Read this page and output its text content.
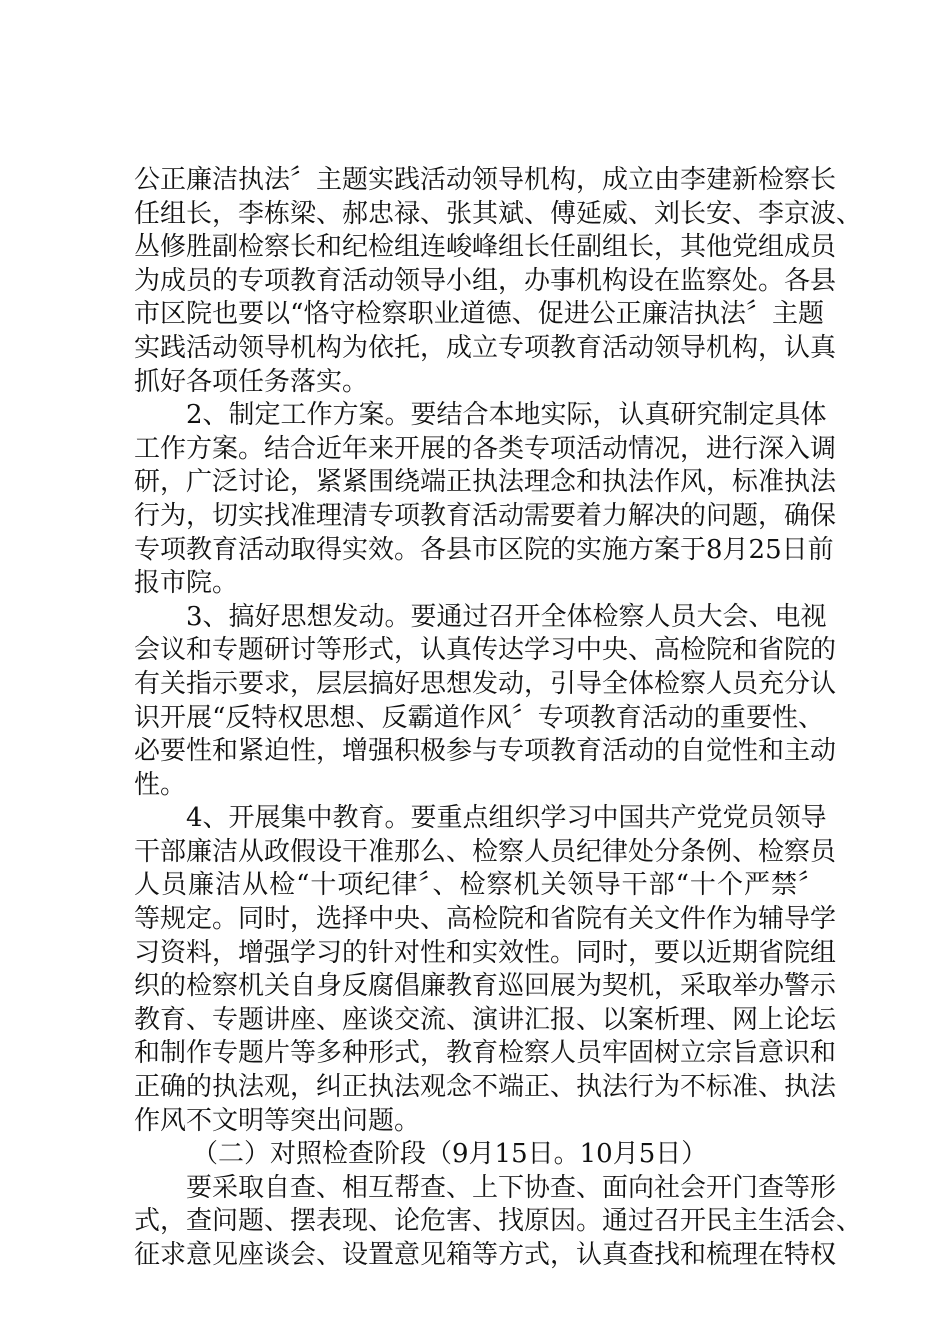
公正廉洁执法〞主题实践活动领导机构，成立由李建新检察长
任组长，李栋梁、郝忠禄、张其斌、傅延威、刘长安、李京波、
丛修胜副检察长和纪检组连峻峰组长任副组长，其他党组成员
为成员的专项教育活动领导小组，办事机构设在监察处。各县
市区院也要以“恪守检察职业道德、促进公正廉洁执法〞主题
实践活动领导机构为依托，成立专项教育活动领导机构，认真
抓好各项任务落实。
2、制定工作方案。要结合本地实际，认真研究制定具体
工作方案。结合近年来开展的各类专项活动情况，进行深入调
研，广泛讨论，紧紧围绕端正执法理念和执法作风，标准执法
行为，切实找准理清专项教育活动需要着力解决的问题，确保
专项教育活动取得实效。各县市区院的实施方案于8月25日前
报市院。
3、搞好思想发动。要通过召开全体检察人员大会、电视
会议和专题研讨等形式，认真传达学习中央、高检院和省院的
有关指示要求，层层搞好思想发动，引导全体检察人员充分认
识开展“反特权思想、反霸道作风〞专项教育活动的重要性、
必要性和紧迫性，增强积极参与专项教育活动的自觉性和主动
性。
4、开展集中教育。要重点组织学习中国共产党党员领导
干部廉洁从政假设干准那么、检察人员纪律处分条例、检察员
人员廉洁从检“十项纪律〞、检察机关领导干部“十个严禁〞
等规定。同时，选择中央、高检院和省院有关文件作为辅导学
习资料，增强学习的针对性和实效性。同时，要以近期省院组
织的检察机关自身反腐倡廉教育巡回展为契机，采取举办警示
教育、专题讲座、座谈交流、演讲汇报、以案析理、网上论坛
和制作专题片等多种形式，教育检察人员牢固树立宗旨意识和
正确的执法观，纠正执法观念不端正、执法行为不标准、执法
作风不文明等突出问题。
（二）对照检查阶段（9月15日。10月5日）
要采取自查、相互帮查、上下协查、面向社会开门查等形
式，查问题、摆表现、论危害、找原因。通过召开民主生活会、
征求意见座谈会、设置意见箱等方式，认真查找和梳理在特权
